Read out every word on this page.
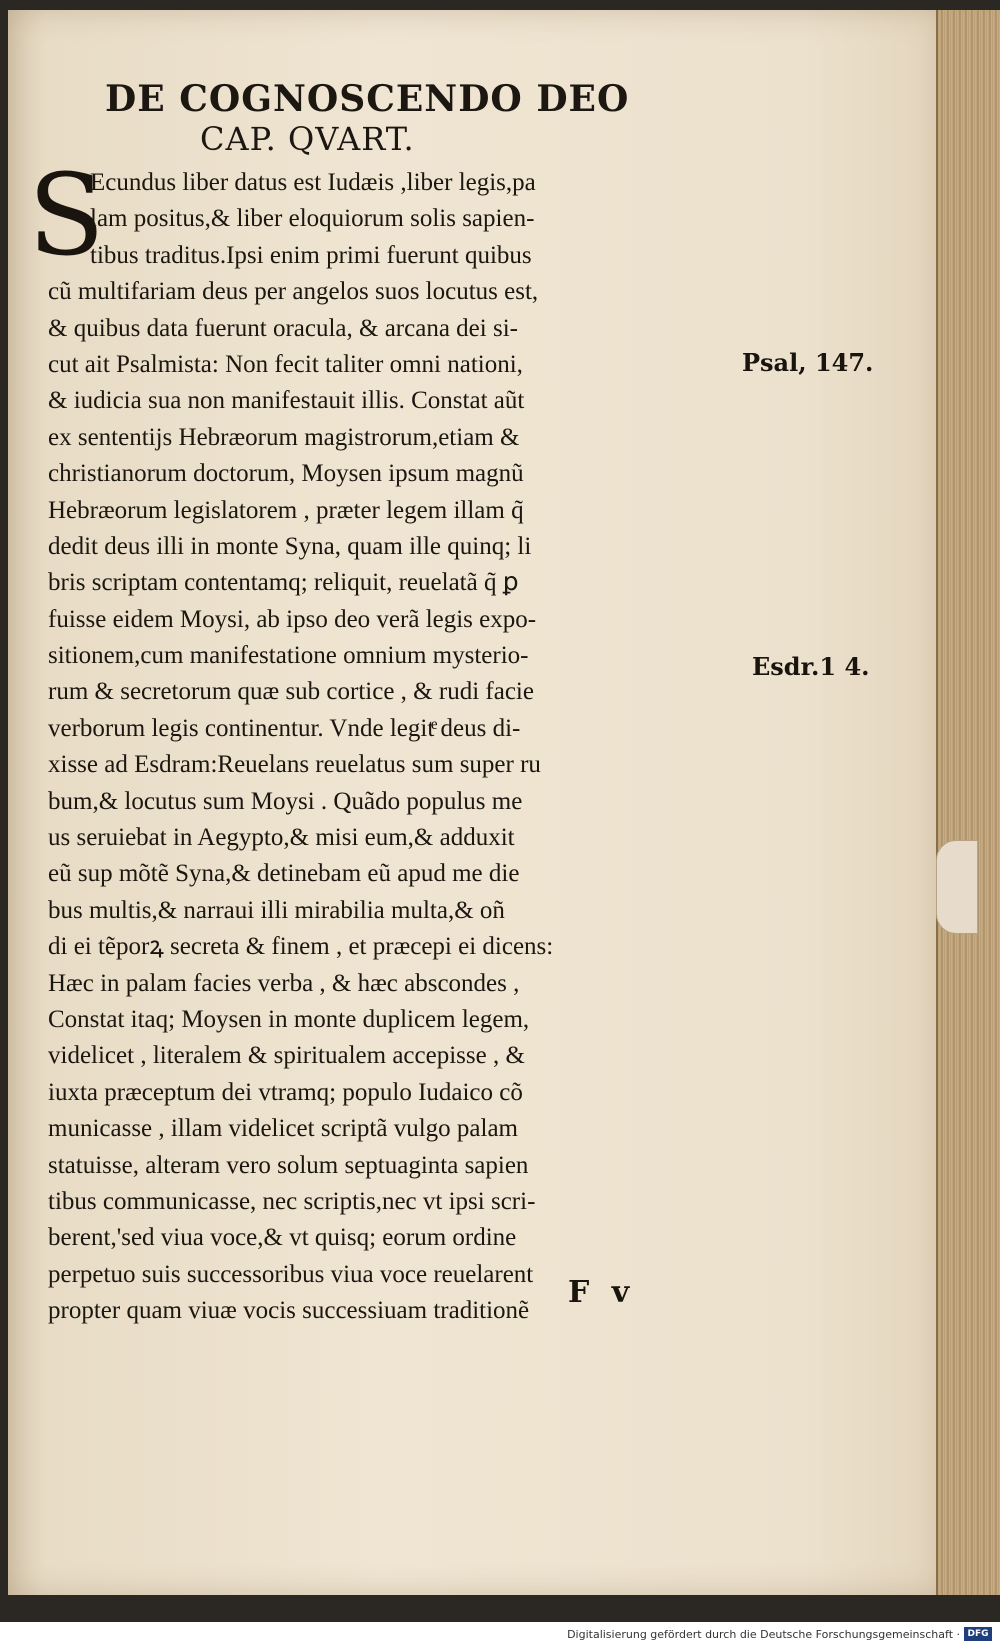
DE COGNOSCENDO DEO
CAP. QVART.
S
Ecundus liber datus est Iudæis ,liber legis,pa
lam positus,& liber eloquiorum solis sapien-
tibus traditus.Ipsi enim primi fuerunt quibus
cũ multifariam deus per angelos suos locutus est,
& quibus data fuerunt oracula, & arcana dei si-
cut ait Psalmista: Non fecit taliter omni nationi,
& iudicia sua non manifestauit illis. Constat aũt
ex sententijs Hebræorum magistrorum,etiam &
christianorum doctorum, Moysen ipsum magnũ
Hebræorum legislatorem , præter legem illam q̃
dedit deus illi in monte Syna, quam ille quinq; li
bris scriptam contentamq; reliquit, reuelatã q̃ ꝑ
fuisse eidem Moysi, ab ipso deo verã legis expo-
sitionem,cum manifestatione omnium mysterio-
rum & secretorum quæ sub cortice , & rudi facie
verborum legis continentur. Vnde legitͤ deus di-
xisse ad Esdram:Reuelans reuelatus sum super ru
bum,& locutus sum Moysi . Quãdo populus me
us seruiebat in Aegypto,& misi eum,& adduxit
eũ sup mõtẽ Syna,& detinebam eũ apud me die
bus multis,& narraui illi mirabilia multa,& oñ
di ei tẽporꝝ secreta & finem , et præcepi ei dicens:
Hæc in palam facies verba , & hæc abscondes ,
Constat itaq; Moysen in monte duplicem legem,
videlicet , literalem & spiritualem accepisse , &
iuxta præceptum dei vtramq; populo Iudaico cõ
municasse , illam videlicet scriptã vulgo palam
statuisse, alteram vero solum septuaginta sapien
tibus communicasse, nec scriptis,nec vt ipsi scri-
berent,'sed viua voce,& vt quisq; eorum ordine
perpetuo suis successoribus viua voce reuelarent
propter quam viuæ vocis successiuam traditionẽ
Psal, 147.
Esdr.1 4.
F v
Digitalisierung gefördert durch die Deutsche Forschungsgemeinschaft · DFG
